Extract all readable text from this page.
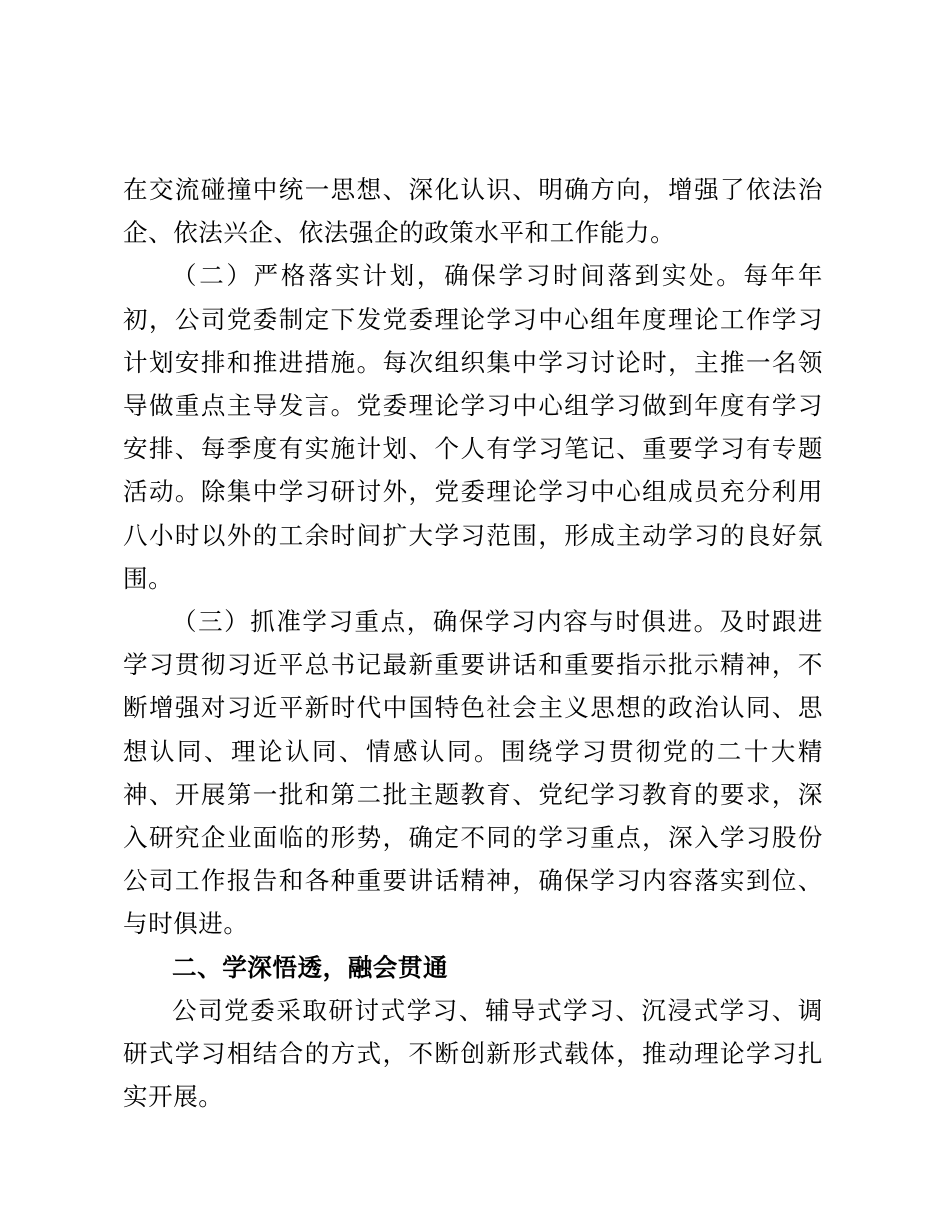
在交流碰撞中统一思想、深化认识、明确方向，增强了依法治企、依法兴企、依法强企的政策水平和工作能力。

（二）严格落实计划，确保学习时间落到实处。每年年初，公司党委制定下发党委理论学习中心组年度理论工作学习计划安排和推进措施。每次组织集中学习讨论时，主推一名领导做重点主导发言。党委理论学习中心组学习做到年度有学习安排、每季度有实施计划、个人有学习笔记、重要学习有专题活动。除集中学习研讨外，党委理论学习中心组成员充分利用八小时以外的工余时间扩大学习范围，形成主动学习的良好氛围。

（三）抓准学习重点，确保学习内容与时俱进。及时跟进学习贯彻习近平总书记最新重要讲话和重要指示批示精神，不断增强对习近平新时代中国特色社会主义思想的政治认同、思想认同、理论认同、情感认同。围绕学习贯彻党的二十大精神、开展第一批和第二批主题教育、党纪学习教育的要求，深入研究企业面临的形势，确定不同的学习重点，深入学习股份公司工作报告和各种重要讲话精神，确保学习内容落实到位、与时俱进。

二、学深悟透，融会贯通

公司党委采取研讨式学习、辅导式学习、沉浸式学习、调研式学习相结合的方式，不断创新形式载体，推动理论学习扎实开展。
